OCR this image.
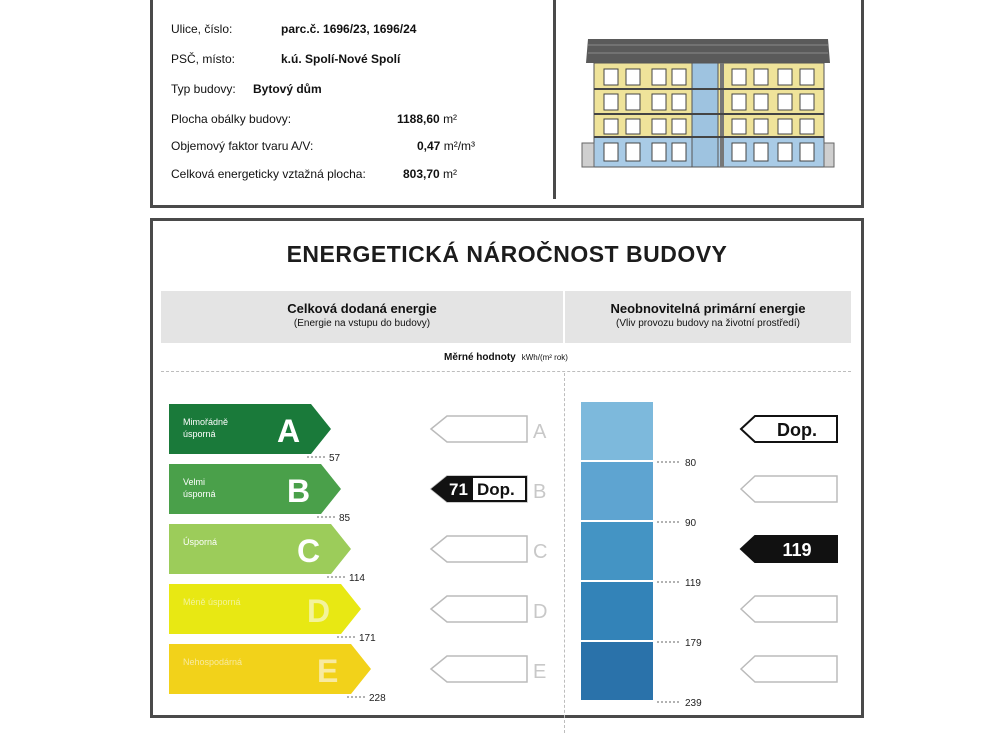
Ulice, číslo:	parc.č. 1696/23, 1696/24
PSČ, místo:	k.ú. Spolí-Nové Spolí
Typ budovy: Bytový dům
Plocha obálky budovy:	1188,60 m²
Objemový faktor tvaru A/V:	0,47 m²/m³
Celková energeticky vztažná plocha:	803,70 m²
ENERGETICKÁ NÁROČNOST BUDOVY
Celková dodaná energie
(Energie na vstupu do budovy)
Neobnovitelná primární energie
(Vliv provozu budovy na životní prostředí)
Měrné hodnoty kWh/(m² rok)
Mimořádně
úsporná A
57
A
80
Velmi
úsporná B
85
B
90
Úsporná C
114
C
119
Méně úsporná D
171
D
179
Nehospodárná E
228
E
239
71 Dop.
Dop.
119
